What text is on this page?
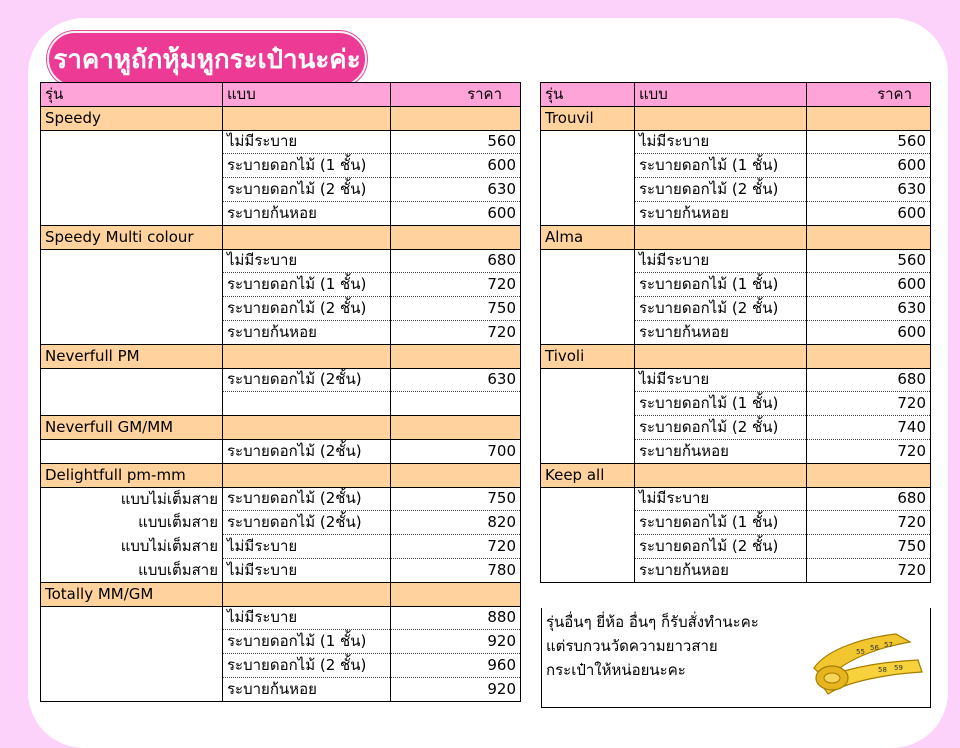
ราคาหูถักหุ้มหูกระเป๋านะค่ะ
รุ่น	แบบ	ราคา
Speedy		
	ไม่มีระบาย	560
	ระบายดอกไม้ (1 ชั้น)	600
	ระบายดอกไม้ (2 ชั้น)	630
	ระบายก้นหอย	600
Speedy Multi colour		
	ไม่มีระบาย	680
	ระบายดอกไม้ (1 ชั้น)	720
	ระบายดอกไม้ (2 ชั้น)	750
	ระบายก้นหอย	720
Neverfull PM		
	ระบายดอกไม้ (2ชั้น)	630

Neverfull GM/MM		
	ระบายดอกไม้ (2ชั้น)	700
Delightfull pm-mm		
แบบไม่เต็มสาย	ระบายดอกไม้ (2ชั้น)	750
แบบเต็มสาย	ระบายดอกไม้ (2ชั้น)	820
แบบไม่เต็มสาย	ไม่มีระบาย	720
แบบเต็มสาย	ไม่มีระบาย	780
Totally MM/GM		
	ไม่มีระบาย	880
	ระบายดอกไม้ (1 ชั้น)	920
	ระบายดอกไม้ (2 ชั้น)	960
	ระบายก้นหอย	920
รุ่น	แบบ	ราคา
Trouvil		
	ไม่มีระบาย	560
	ระบายดอกไม้ (1 ชั้น)	600
	ระบายดอกไม้ (2 ชั้น)	630
	ระบายก้นหอย	600
Alma		
	ไม่มีระบาย	560
	ระบายดอกไม้ (1 ชั้น)	600
	ระบายดอกไม้ (2 ชั้น)	630
	ระบายก้นหอย	600
Tivoli		
	ไม่มีระบาย	680
	ระบายดอกไม้ (1 ชั้น)	720
	ระบายดอกไม้ (2 ชั้น)	740
	ระบายก้นหอย	720
Keep all		
	ไม่มีระบาย	680
	ระบายดอกไม้ (1 ชั้น)	720
	ระบายดอกไม้ (2 ชั้น)	750
	ระบายก้นหอย	720
รุ่นอื่นๆ ยี่ห้อ อื่นๆ ก็รับสั่งทำนะคะ
แต่รบกวนวัดความยาวสาย
กระเป๋าให้หน่อยนะคะ
55 56 57
58 59
